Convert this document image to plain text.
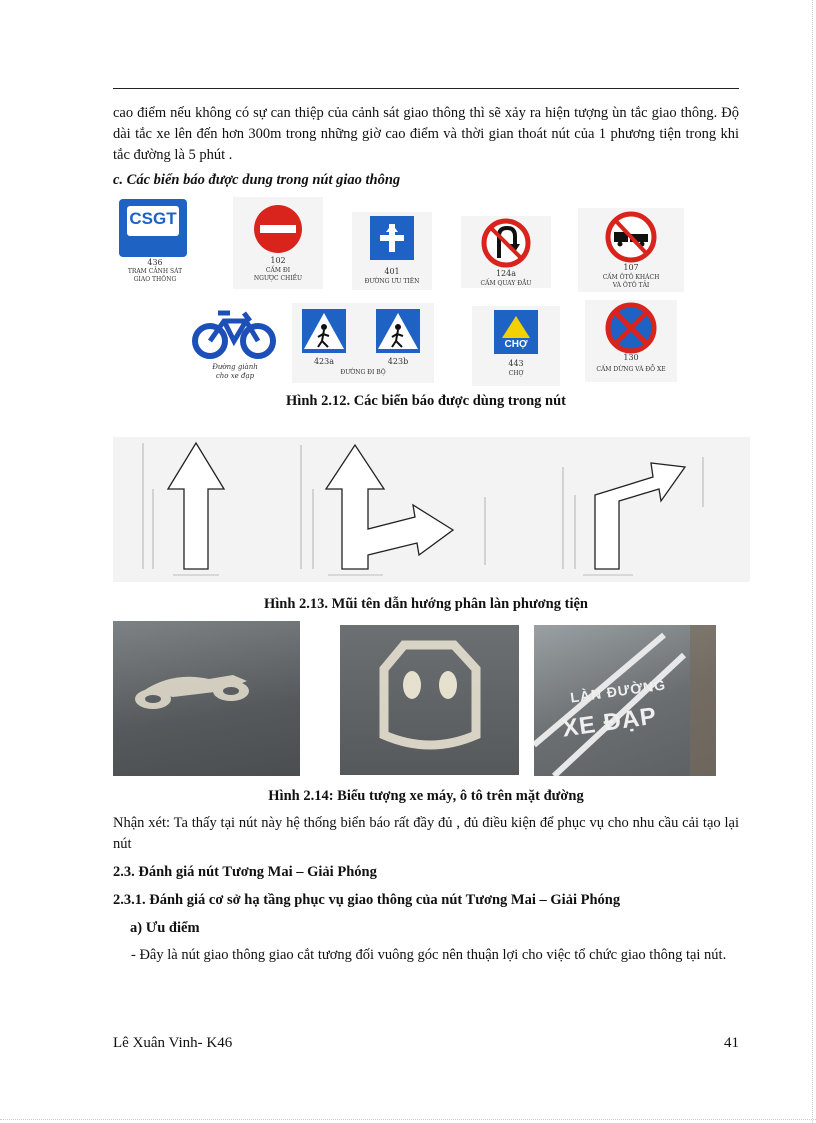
cao điểm nếu không có sự can thiệp của cảnh sát giao thông thì sẽ xảy ra hiện tượng ùn tắc giao thông. Độ dài tắc xe lên đến hơn 300m trong những giờ cao điểm và thời gian thoát nút của 1 phương tiện trong khi tắc đường là 5 phút .
c. Các biển báo được dung trong nút giao thông
CSGT
436
TRẠM CẢNH SÁT
GIAO THÔNG
102
CẤM ĐI
NGƯỢC CHIỀU
401
ĐƯỜNG ƯU TIÊN
124a
CẤM QUAY ĐẦU
107
CẤM ÔTÔ KHÁCH
VÀ ÔTÔ TẢI
Đường giành
cho xe đạp
423a	423b
ĐƯỜNG ĐI BỘ
CHỢ
443
CHỢ
130
CẤM DỪNG VÀ ĐỖ XE
Hình 2.12. Các biển báo được dùng trong nút
Hình 2.13. Mũi tên dẫn hướng phân làn phương tiện
LÀN ĐƯỜNG
XE ĐẠP
Hình 2.14: Biểu tượng xe máy, ô tô trên mặt đường
Nhận xét: Ta thấy tại nút này hệ thống biển báo rất đầy đủ , đủ điều kiện để phục vụ cho nhu cầu cải tạo lại nút
2.3. Đánh giá nút Tương Mai – Giải Phóng
2.3.1. Đánh giá cơ sở hạ tầng phục vụ giao thông của nút Tương Mai – Giải Phóng
a) Ưu điểm
- Đây là nút giao thông giao cắt tương đối vuông góc nên thuận lợi cho việc tổ chức giao thông tại nút.
Lê Xuân Vinh- K46	41
